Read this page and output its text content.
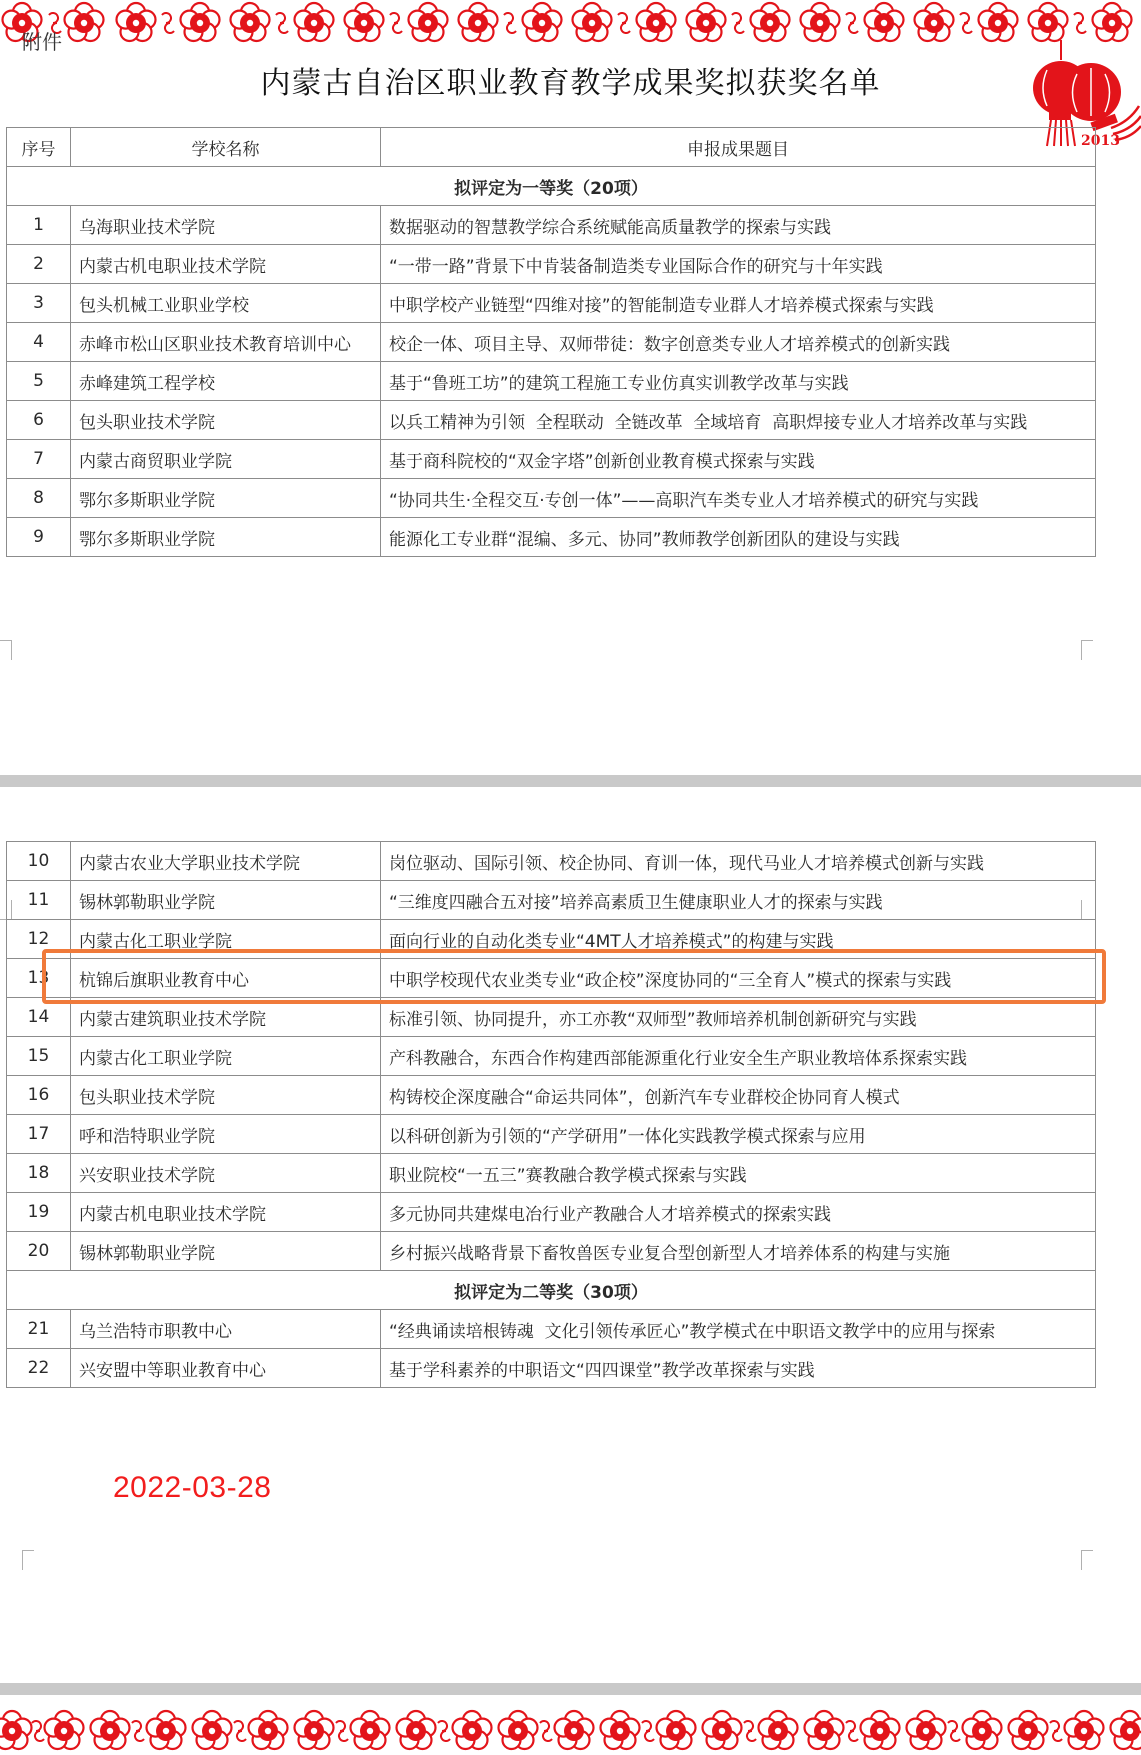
附件
内蒙古自治区职业教育教学成果奖拟获奖名单
2013
序号	学校名称	申报成果题目
拟评定为一等奖（20项）		
1	乌海职业技术学院	数据驱动的智慧教学综合系统赋能高质量教学的探索与实践
2	内蒙古机电职业技术学院	“一带一路”背景下中肯装备制造类专业国际合作的研究与十年实践
3	包头机械工业职业学校	中职学校产业链型“四维对接”的智能制造专业群人才培养模式探索与实践
4	赤峰市松山区职业技术教育培训中心	校企一体、项目主导、双师带徒：数字创意类专业人才培养模式的创新实践
5	赤峰建筑工程学校	基于“鲁班工坊”的建筑工程施工专业仿真实训教学改革与实践
6	包头职业技术学院	以兵工精神为引领  全程联动  全链改革  全域培育  高职焊接专业人才培养改革与实践
7	内蒙古商贸职业学院	基于商科院校的“双金字塔”创新创业教育模式探索与实践
8	鄂尔多斯职业学院	“协同共生·全程交互·专创一体”——高职汽车类专业人才培养模式的研究与实践
9	鄂尔多斯职业学院	能源化工专业群“混编、多元、协同”教师教学创新团队的建设与实践
10	内蒙古农业大学职业技术学院	岗位驱动、国际引领、校企协同、育训一体，现代马业人才培养模式创新与实践
11	锡林郭勒职业学院	“三维度四融合五对接”培养高素质卫生健康职业人才的探索与实践
12	内蒙古化工职业学院	面向行业的自动化类专业“4MT人才培养模式”的构建与实践
13	杭锦后旗职业教育中心	中职学校现代农业类专业“政企校”深度协同的“三全育人”模式的探索与实践
14	内蒙古建筑职业技术学院	标准引领、协同提升，亦工亦教“双师型”教师培养机制创新研究与实践
15	内蒙古化工职业学院	产科教融合，东西合作构建西部能源重化行业安全生产职业教培体系探索实践
16	包头职业技术学院	构铸校企深度融合“命运共同体”，创新汽车专业群校企协同育人模式
17	呼和浩特职业学院	以科研创新为引领的“产学研用”一体化实践教学模式探索与应用
18	兴安职业技术学院	职业院校“一五三”赛教融合教学模式探索与实践
19	内蒙古机电职业技术学院	多元协同共建煤电冶行业产教融合人才培养模式的探索实践
20	锡林郭勒职业学院	乡村振兴战略背景下畜牧兽医专业复合型创新型人才培养体系的构建与实施
拟评定为二等奖（30项）		
21	乌兰浩特市职教中心	“经典诵读培根铸魂  文化引领传承匠心”教学模式在中职语文教学中的应用与探索
22	兴安盟中等职业教育中心	基于学科素养的中职语文“四四课堂”教学改革探索与实践
2022-03-28
